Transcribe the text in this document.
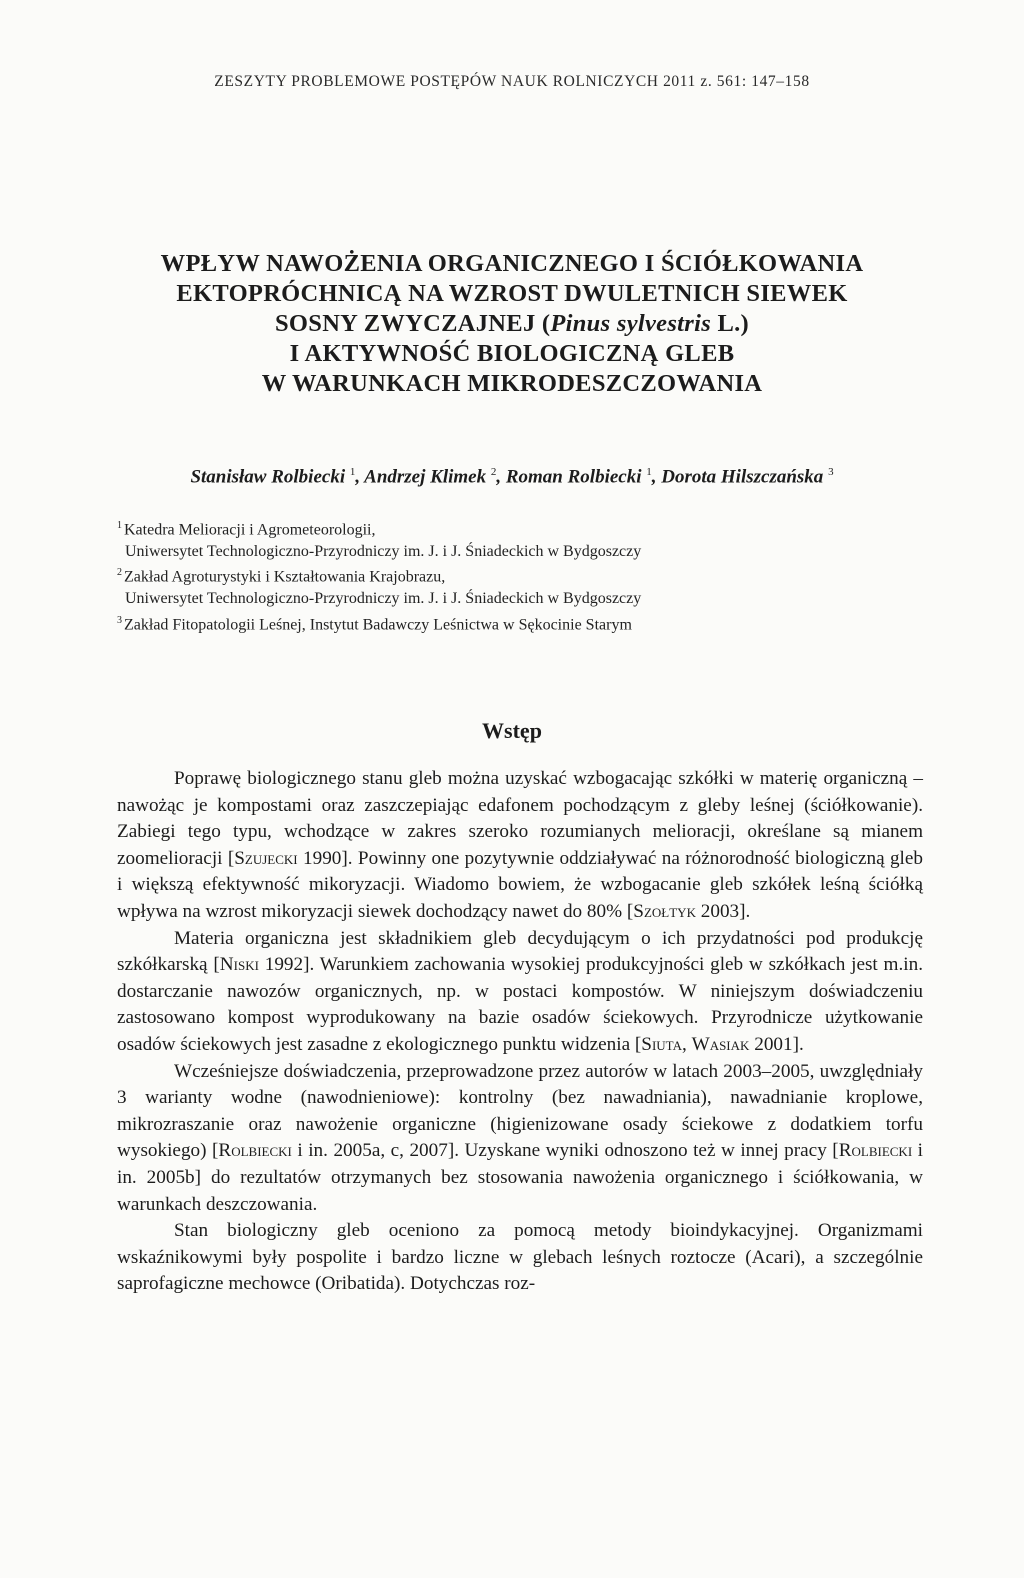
ZESZYTY PROBLEMOWE POSTĘPÓW NAUK ROLNICZYCH 2011 z. 561: 147–158
WPŁYW NAWOŻENIA ORGANICZNEGO I ŚCIÓŁKOWANIA
EKTOPRÓCHNICĄ NA WZROST DWULETNICH SIEWEK
SOSNY ZWYCZAJNEJ (Pinus sylvestris L.)
I AKTYWNOŚĆ BIOLOGICZNĄ GLEB
W WARUNKACH MIKRODESZCZOWANIA
Stanisław Rolbiecki $^1$, Andrzej Klimek $^2$, Roman Rolbiecki $^1$, Dorota Hilszczańska $^3$
$^1$ Katedra Melioracji i Agrometeorologii,
Uniwersytet Technologiczno-Przyrodniczy im. J. i J. Śniadeckich w Bydgoszczy
$^2$ Zakład Agroturystyki i Kształtowania Krajobrazu,
Uniwersytet Technologiczno-Przyrodniczy im. J. i J. Śniadeckich w Bydgoszczy
$^3$ Zakład Fitopatologii Leśnej, Instytut Badawczy Leśnictwa w Sękocinie Starym
Wstęp

Poprawę biologicznego stanu gleb można uzyskać wzbogacając szkółki w materię organiczną – nawożąc je kompostami oraz zaszczepiając edafonem pochodzącym z gleby leśnej (ściółkowanie). Zabiegi tego typu, wchodzące w zakres szeroko rozumianych melioracji, określane są mianem zoomelioracji [Szujecki 1990]. Powinny one pozytywnie oddziaływać na różnorodność biologiczną gleb i większą efektywność mikoryzacji. Wiadomo bowiem, że wzbogacanie gleb szkółek leśną ściółką wpływa na wzrost mikoryzacji siewek dochodzący nawet do 80% [Szołtyk 2003].

Materia organiczna jest składnikiem gleb decydującym o ich przydatności pod produkcję szkółkarską [Niski 1992]. Warunkiem zachowania wysokiej produkcyjności gleb w szkółkach jest m.in. dostarczanie nawozów organicznych, np. w postaci kompostów. W niniejszym doświadczeniu zastosowano kompost wyprodukowany na bazie osadów ściekowych. Przyrodnicze użytkowanie osadów ściekowych jest zasadne z ekologicznego punktu widzenia [Siuta, Wasiak 2001].

Wcześniejsze doświadczenia, przeprowadzone przez autorów w latach 2003–2005, uwzględniały 3 warianty wodne (nawodnieniowe): kontrolny (bez nawadniania), nawadnianie kroplowe, mikrozraszanie oraz nawożenie organiczne (higienizowane osady ściekowe z dodatkiem torfu wysokiego) [Rolbiecki i in. 2005a, c, 2007]. Uzyskane wyniki odnoszono też w innej pracy [Rolbiecki i in. 2005b] do rezultatów otrzymanych bez stosowania nawożenia organicznego i ściółkowania, w warunkach deszczowania.

Stan biologiczny gleb oceniono za pomocą metody bioindykacyjnej. Organizmami wskaźnikowymi były pospolite i bardzo liczne w glebach leśnych roztocze (Acari), a szczególnie saprofagiczne mechowce (Oribatida). Dotychczas roz-
